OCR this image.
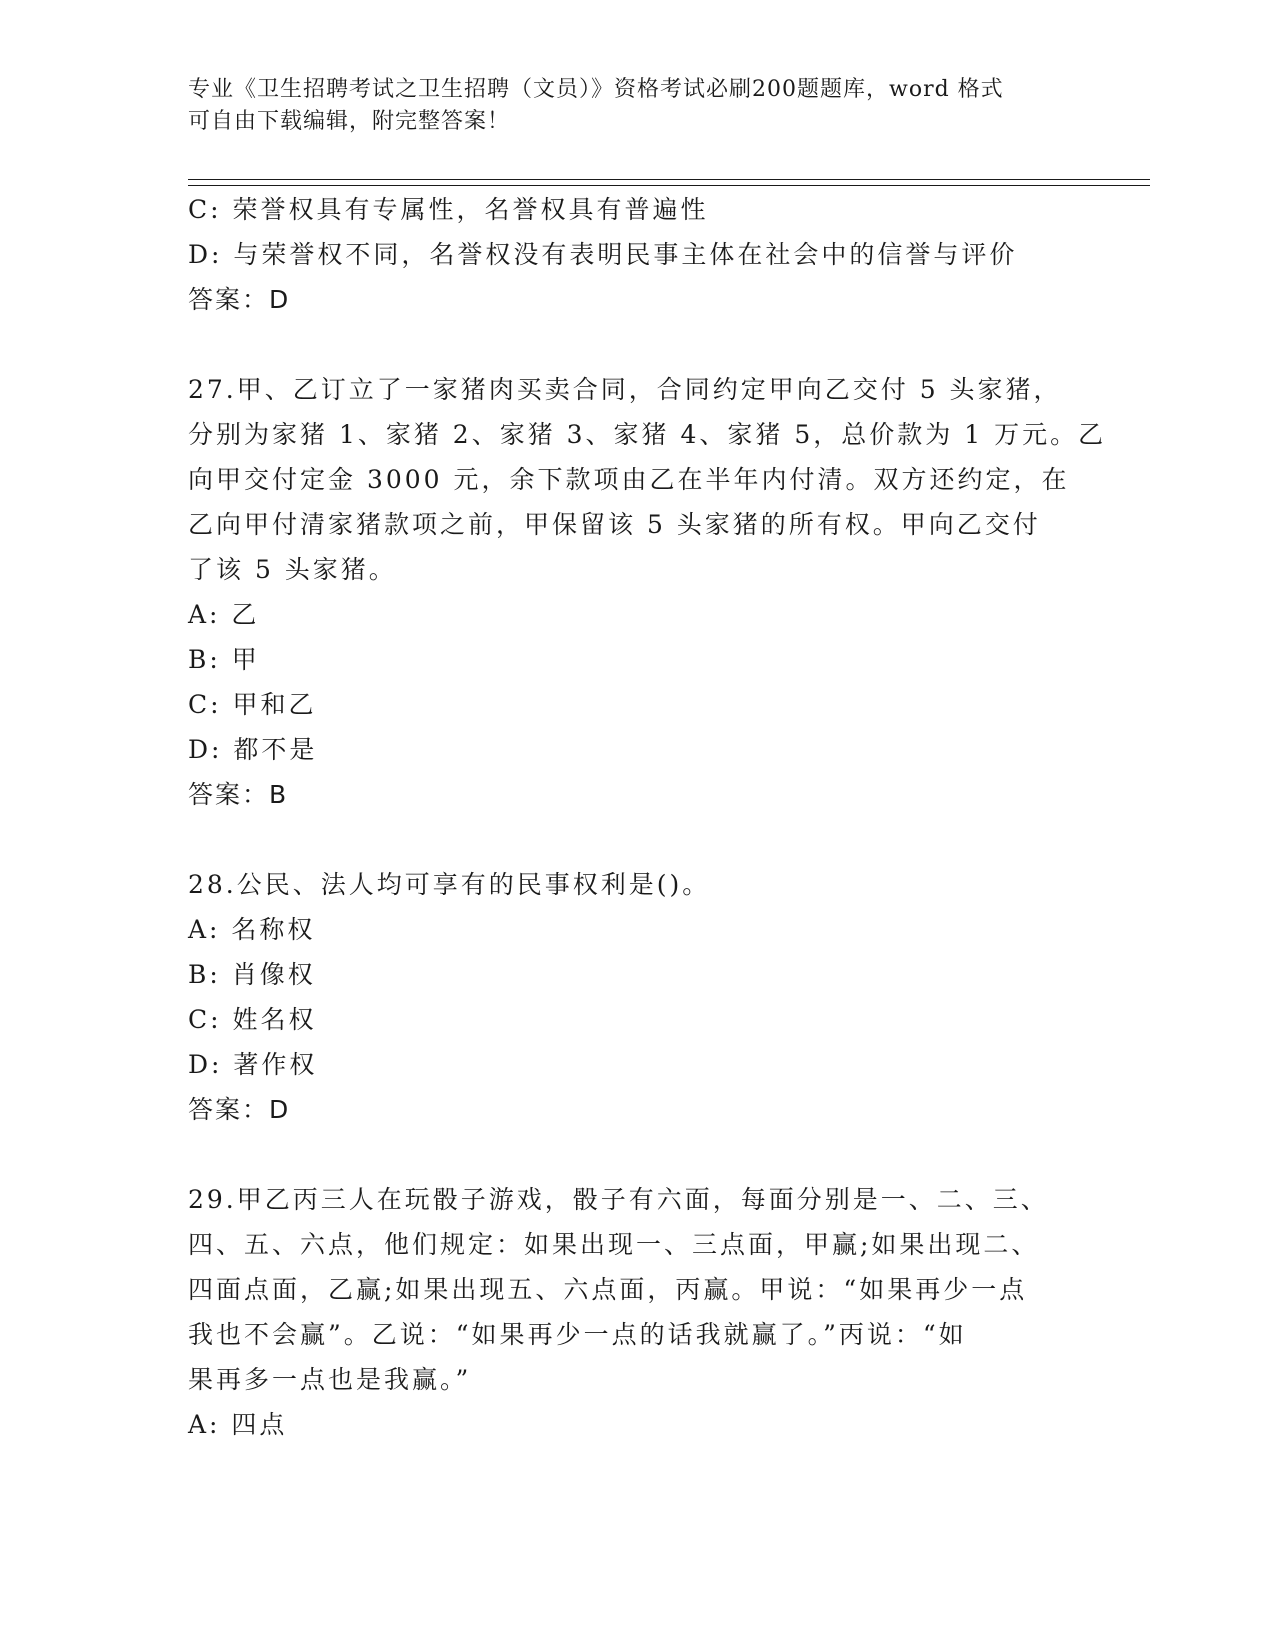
专业《卫生招聘考试之卫生招聘（文员）》资格考试必刷200题题库，word 格式
可自由下载编辑，附完整答案！
C: 荣誉权具有专属性，名誉权具有普遍性
D: 与荣誉权不同，名誉权没有表明民事主体在社会中的信誉与评价
答案：D
27.甲、乙订立了一家猪肉买卖合同，合同约定甲向乙交付 5 头家猪，
分别为家猪 1、家猪 2、家猪 3、家猪 4、家猪 5，总价款为 1 万元。乙
向甲交付定金 3000 元，余下款项由乙在半年内付清。双方还约定，在
乙向甲付清家猪款项之前，甲保留该 5 头家猪的所有权。甲向乙交付
了该 5 头家猪。
A: 乙
B: 甲
C: 甲和乙
D: 都不是
答案：B
28.公民、法人均可享有的民事权利是()。
A: 名称权
B: 肖像权
C: 姓名权
D: 著作权
答案：D
29.甲乙丙三人在玩骰子游戏，骰子有六面，每面分别是一、二、三、
四、五、六点，他们规定：如果出现一、三点面，甲赢;如果出现二、
四面点面，乙赢;如果出现五、六点面，丙赢。甲说：“如果再少一点
我也不会赢”。乙说：“如果再少一点的话我就赢了。”丙说：“如
果再多一点也是我赢。”
A: 四点
